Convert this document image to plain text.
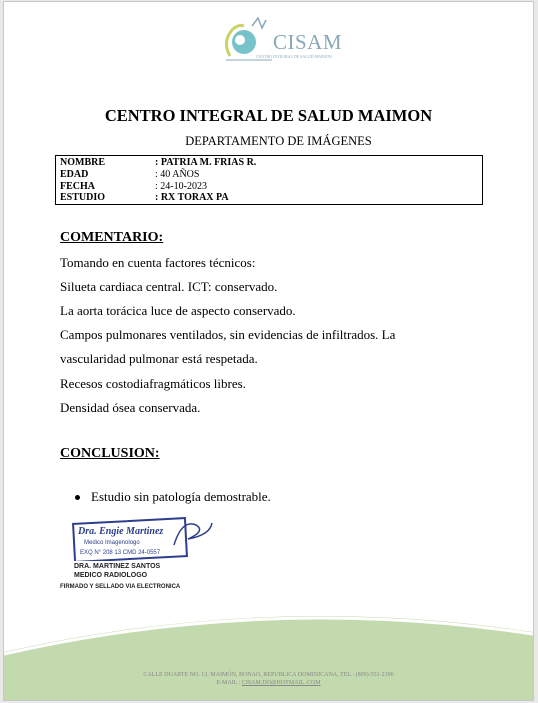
CISAM
CENTRO INTEGRAL DE SALUD MAIMON
CENTRO INTEGRAL DE SALUD MAIMON
DEPARTAMENTO DE IMÁGENES
NOMBRE	: PATRIA M. FRIAS R.
EDAD	: 40 AÑOS
FECHA	: 24-10-2023
ESTUDIO	: RX TORAX PA
COMENTARIO:
Tomando en cuenta factores técnicos:
Silueta cardiaca central. ICT: conservado.
La aorta torácica luce de aspecto conservado.
Campos pulmonares ventilados, sin evidencias de infiltrados. La
vascularidad pulmonar está respetada.
Recesos costodiafragmáticos libres.
Densidad ósea conservada.
CONCLUSION:
Estudio sin patología demostrable.
Dra. Engie Martinez
Medico Imagenologo
EXQ N° 208 13 CMD 24-0557
DRA. MARTINEZ SANTOS
MEDICO RADIOLOGO
FIRMADO Y SELLADO VIA ELECTRONICA
CALLE DUARTE NO. 13, MAIMÓN, BONAO, REPUBLICA DOMINICANA, TEL.: (809)-551-2196
E-MAIL : CISAM.DO@HOTMAIL .COM
